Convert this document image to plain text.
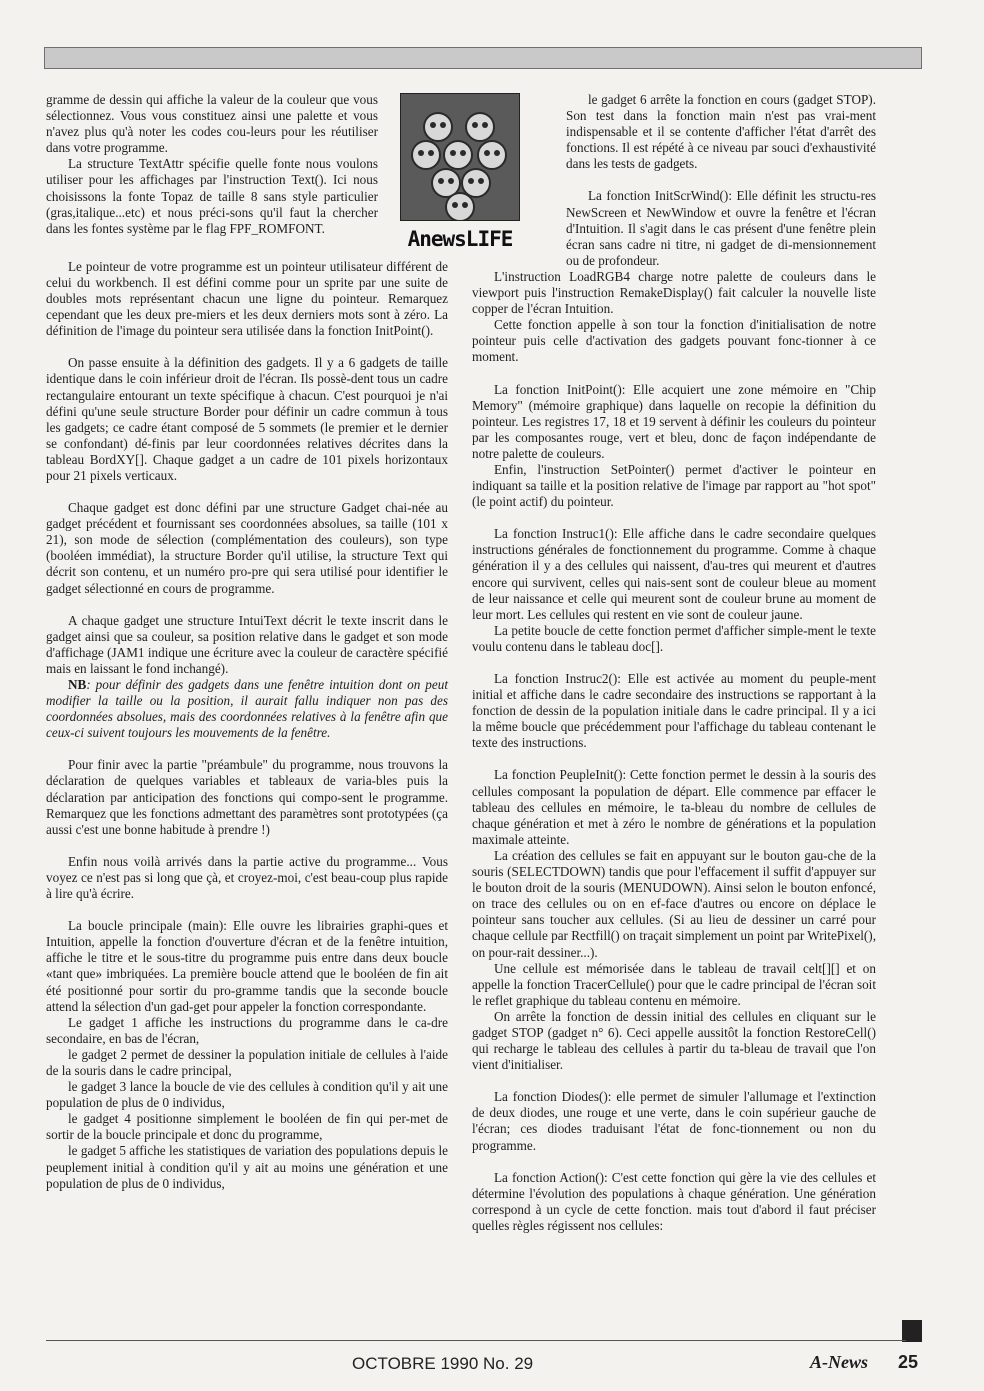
gramme de dessin qui affiche la valeur de la couleur que vous sélectionnez. Vous vous constituez ainsi une palette et vous n'avez plus qu'à noter les codes cou-leurs pour les réutiliser dans votre programme.

La structure TextAttr spécifie quelle fonte nous voulons utiliser pour les affichages par l'instruction Text(). Ici nous choisissons la fonte Topaz de taille 8 sans style particulier (gras,italique...etc) et nous préci-sons qu'il faut la chercher dans les fontes système par le flag FPF_ROMFONT.

Le pointeur de votre programme est un pointeur utilisateur différent de celui du workbench. Il est défini comme pour un sprite par une suite de doubles mots représentant chacun une ligne du pointeur. Remarquez cependant que les deux pre-miers et les deux derniers mots sont à zéro. La définition de l'image du pointeur sera utilisée dans la fonction InitPoint().

On passe ensuite à la définition des gadgets. Il y a 6 gadgets de taille identique dans le coin inférieur droit de l'écran. Ils possè-dent tous un cadre rectangulaire entourant un texte spécifique à chacun. C'est pourquoi je n'ai défini qu'une seule structure Border pour définir un cadre commun à tous les gadgets; ce cadre étant composé de 5 sommets (le premier et le dernier se confondant) dé-finis par leur coordonnées relatives décrites dans la tableau BordXY[]. Chaque gadget a un cadre de 101 pixels horizontaux pour 21 pixels verticaux.

Chaque gadget est donc défini par une structure Gadget chai-née au gadget précédent et fournissant ses coordonnées absolues, sa taille (101 x 21), son mode de sélection (complémentation des couleurs), son type (booléen immédiat), la structure Border qu'il utilise, la structure Text qui décrit son contenu, et un numéro pro-pre qui sera utilisé pour identifier le gadget sélectionné en cours de programme.

A chaque gadget une structure IntuiText décrit le texte inscrit dans le gadget ainsi que sa couleur, sa position relative dans le gadget et son mode d'affichage (JAM1 indique une écriture avec la couleur de caractère spécifié mais en laissant le fond inchangé).

NB: pour définir des gadgets dans une fenêtre intuition dont on peut modifier la taille ou la position, il aurait fallu indiquer non pas des coordonnées absolues, mais des coordonnées relatives à la fenêtre afin que ceux-ci suivent toujours les mouvements de la fenêtre.

Pour finir avec la partie "préambule" du programme, nous trouvons la déclaration de quelques variables et tableaux de varia-bles puis la déclaration par anticipation des fonctions qui compo-sent le programme. Remarquez que les fonctions admettant des paramètres sont prototypées (ça aussi c'est une bonne habitude à prendre !)

Enfin nous voilà arrivés dans la partie active du programme... Vous voyez ce n'est pas si long que çà, et croyez-moi, c'est beau-coup plus rapide à lire qu'à écrire.

La boucle principale (main): Elle ouvre les librairies graphi-ques et Intuition, appelle la fonction d'ouverture d'écran et de la fenêtre intuition, affiche le titre et le sous-titre du programme puis entre dans deux boucle «tant que» imbriquées. La première boucle attend que le booléen de fin ait été positionné pour sortir du pro-gramme tandis que la seconde boucle attend la sélection d'un gad-get pour appeler la fonction correspondante.

Le gadget 1 affiche les instructions du programme dans le ca-dre secondaire, en bas de l'écran,

le gadget 2 permet de dessiner la population initiale de cellules à l'aide de la souris dans le cadre principal,

le gadget 3 lance la boucle de vie des cellules à condition qu'il y ait une population de plus de 0 individus,

le gadget 4 positionne simplement le booléen de fin qui per-met de sortir de la boucle principale et donc du programme,

le gadget 5 affiche les statistiques de variation des populations depuis le peuplement initial à condition qu'il y ait au moins une génération et une population de plus de 0 individus,

AnewsLIFE

le gadget 6 arrête la fonction en cours (gadget STOP). Son test dans la fonction main n'est pas vrai-ment indispensable et il se contente d'afficher l'état d'arrêt des fonctions. Il est répété à ce niveau par souci d'exhaustivité dans les tests de gadgets.

La fonction InitScrWind(): Elle définit les structu-res NewScreen et NewWindow et ouvre la fenêtre et l'écran d'Intuition. Il s'agit dans le cas présent d'une fenêtre plein écran sans cadre ni titre, ni gadget de di-mensionnement ou de profondeur.

L'instruction LoadRGB4 charge notre palette de couleurs dans le viewport puis l'instruction RemakeDisplay() fait calculer la nouvelle liste copper de l'écran Intuition.

Cette fonction appelle à son tour la fonction d'initialisation de notre pointeur puis celle d'activation des gadgets pouvant fonc-tionner à ce moment.

La fonction InitPoint(): Elle acquiert une zone mémoire en "Chip Memory" (mémoire graphique) dans laquelle on recopie la définition du pointeur. Les registres 17, 18 et 19 servent à définir les couleurs du pointeur par les composantes rouge, vert et bleu, donc de façon indépendante de notre palette de couleurs.

Enfin, l'instruction SetPointer() permet d'activer le pointeur en indiquant sa taille et la position relative de l'image par rapport au "hot spot" (le point actif) du pointeur.

La fonction Instruc1(): Elle affiche dans le cadre secondaire quelques instructions générales de fonctionnement du programme. Comme à chaque génération il y a des cellules qui naissent, d'au-tres qui meurent et d'autres encore qui survivent, celles qui nais-sent sont de couleur bleue au moment de leur naissance et celle qui meurent sont de couleur brune au moment de leur mort. Les cellules qui restent en vie sont de couleur jaune.

La petite boucle de cette fonction permet d'afficher simple-ment le texte voulu contenu dans le tableau doc[].

La fonction Instruc2(): Elle est activée au moment du peuple-ment initial et affiche dans le cadre secondaire des instructions se rapportant à la fonction de dessin de la population initiale dans le cadre principal. Il y a ici la même boucle que précédemment pour l'affichage du tableau contenant le texte des instructions.

La fonction PeupleInit(): Cette fonction permet le dessin à la souris des cellules composant la population de départ. Elle commence par effacer le tableau des cellules en mémoire, le ta-bleau du nombre de cellules de chaque génération et met à zéro le nombre de générations et la population maximale atteinte.

La création des cellules se fait en appuyant sur le bouton gau-che de la souris (SELECTDOWN) tandis que pour l'effacement il suffit d'appuyer sur le bouton droit de la souris (MENUDOWN). Ainsi selon le bouton enfoncé, on trace des cellules ou on en ef-face d'autres ou encore on déplace le pointeur sans toucher aux cellules. (Si au lieu de dessiner un carré pour chaque cellule par Rectfill() on traçait simplement un point par WritePixel(), on pour-rait dessiner...).

Une cellule est mémorisée dans le tableau de travail celt[][] et on appelle la fonction TracerCellule() pour que le cadre principal de l'écran soit le reflet graphique du tableau contenu en mémoire.

On arrête la fonction de dessin initial des cellules en cliquant sur le gadget STOP (gadget n° 6). Ceci appelle aussitôt la fonction RestoreCell() qui recharge le tableau des cellules à partir du ta-bleau de travail que l'on vient d'initialiser.

La fonction Diodes(): elle permet de simuler l'allumage et l'extinction de deux diodes, une rouge et une verte, dans le coin supérieur gauche de l'écran; ces diodes traduisant l'état de fonc-tionnement ou non du programme.

La fonction Action(): C'est cette fonction qui gère la vie des cellules et détermine l'évolution des populations à chaque génération. Une génération correspond à un cycle de cette fonction. mais tout d'abord il faut préciser quelles règles régissent nos cellules:

OCTOBRE 1990 No. 29	A-News 25
